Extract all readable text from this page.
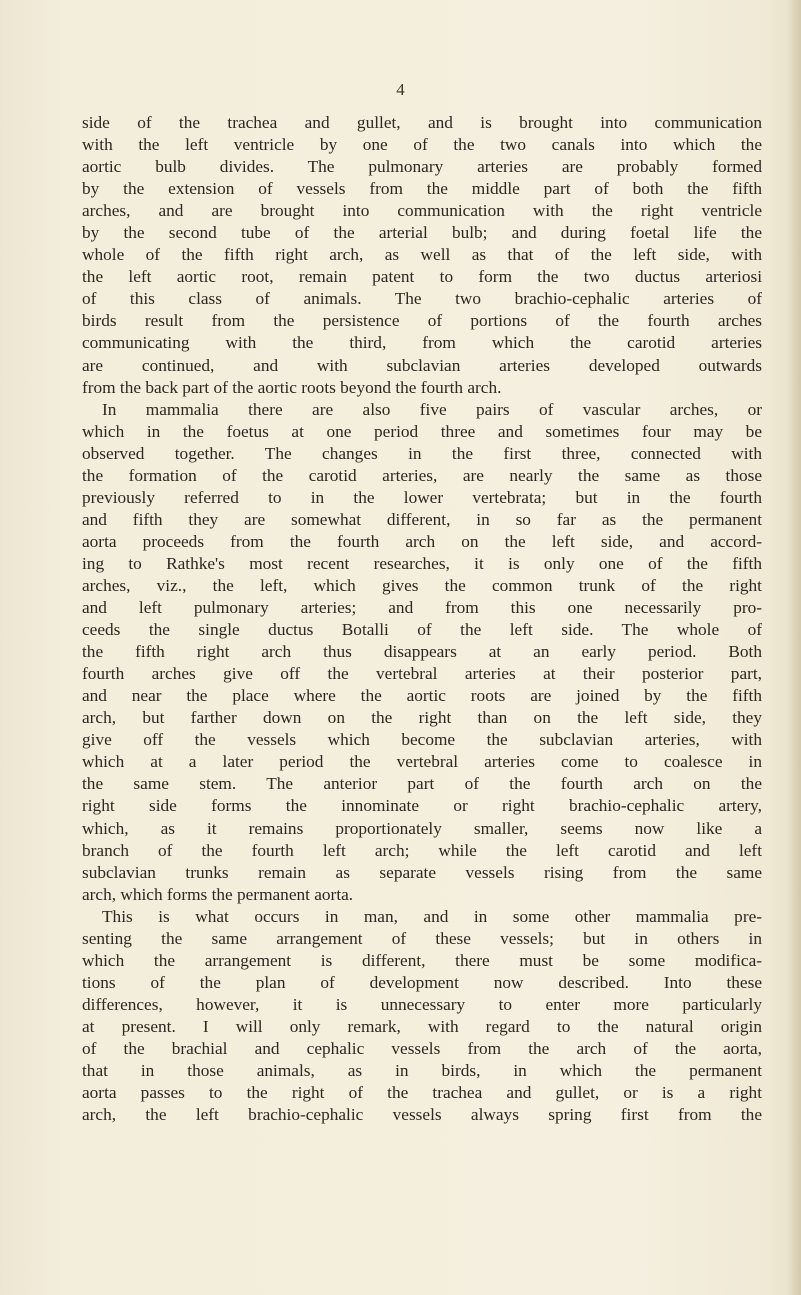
4
side of the trachea and gullet, and is brought into communication
with the left ventricle by one of the two canals into which the
aortic bulb divides. The pulmonary arteries are probably formed
by the extension of vessels from the middle part of both the fifth
arches, and are brought into communication with the right ventricle
by the second tube of the arterial bulb; and during foetal life the
whole of the fifth right arch, as well as that of the left side, with
the left aortic root, remain patent to form the two ductus arteriosi
of this class of animals. The two brachio-cephalic arteries of
birds result from the persistence of portions of the fourth arches
communicating with the third, from which the carotid arteries
are continued, and with subclavian arteries developed outwards
from the back part of the aortic roots beyond the fourth arch.
In mammalia there are also five pairs of vascular arches, or
which in the foetus at one period three and sometimes four may be
observed together. The changes in the first three, connected with
the formation of the carotid arteries, are nearly the same as those
previously referred to in the lower vertebrata; but in the fourth
and fifth they are somewhat different, in so far as the permanent
aorta proceeds from the fourth arch on the left side, and accord-
ing to Rathke's most recent researches, it is only one of the fifth
arches, viz., the left, which gives the common trunk of the right
and left pulmonary arteries; and from this one necessarily pro-
ceeds the single ductus Botalli of the left side. The whole of
the fifth right arch thus disappears at an early period. Both
fourth arches give off the vertebral arteries at their posterior part,
and near the place where the aortic roots are joined by the fifth
arch, but farther down on the right than on the left side, they
give off the vessels which become the subclavian arteries, with
which at a later period the vertebral arteries come to coalesce in
the same stem. The anterior part of the fourth arch on the
right side forms the innominate or right brachio-cephalic artery,
which, as it remains proportionately smaller, seems now like a
branch of the fourth left arch; while the left carotid and left
subclavian trunks remain as separate vessels rising from the same
arch, which forms the permanent aorta.
This is what occurs in man, and in some other mammalia pre-
senting the same arrangement of these vessels; but in others in
which the arrangement is different, there must be some modifica-
tions of the plan of development now described. Into these
differences, however, it is unnecessary to enter more particularly
at present. I will only remark, with regard to the natural origin
of the brachial and cephalic vessels from the arch of the aorta,
that in those animals, as in birds, in which the permanent
aorta passes to the right of the trachea and gullet, or is a right
arch, the left brachio-cephalic vessels always spring first from the
